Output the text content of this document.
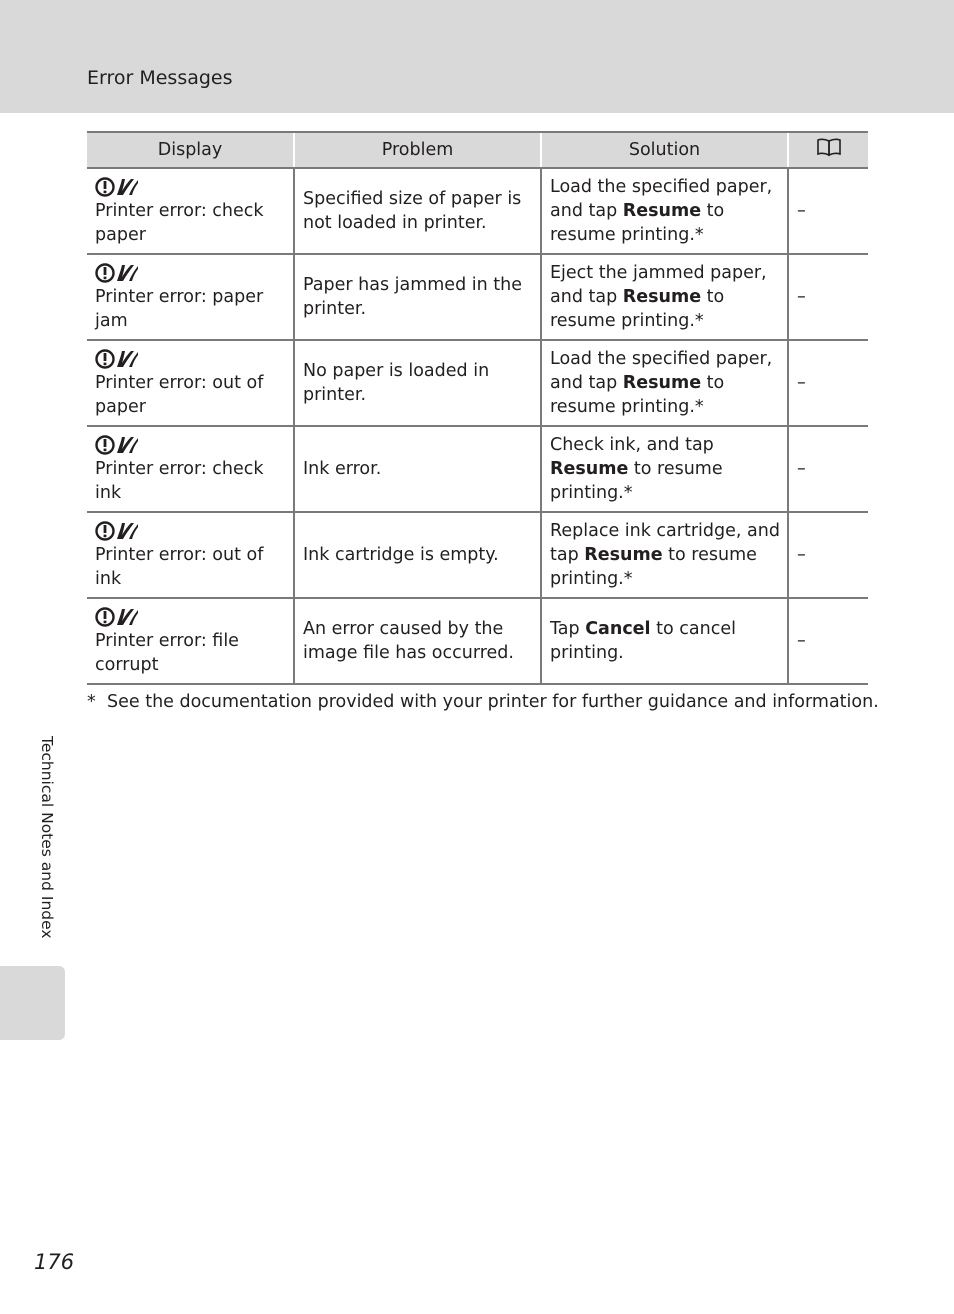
Error Messages
Display	Problem	Solution	

Printer error: check paper	Specified size of paper is not loaded in printer.	Load the specified paper, and tap Resume to resume printing.*	–

Printer error: paper jam	Paper has jammed in the printer.	Eject the jammed paper, and tap Resume to resume printing.*	–

Printer error: out of paper	No paper is loaded in printer.	Load the specified paper, and tap Resume to resume printing.*	–

Printer error: check ink	Ink error.	Check ink, and tap Resume to resume printing.*	–

Printer error: out of ink	Ink cartridge is empty.	Replace ink cartridge, and tap Resume to resume printing.*	–

Printer error: file corrupt	An error caused by the image file has occurred.	Tap Cancel to cancel printing.	–
* See the documentation provided with your printer for further guidance and information.
Technical Notes and Index
176
